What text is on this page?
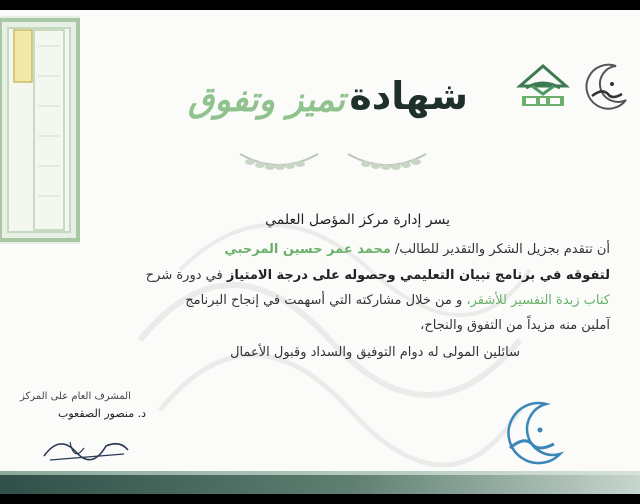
شهادة
تميز وتفوق
يسر إدارة مركز المؤصل العلمي
أن تتقدم بجزيل الشكر والتقدير للطالب/ محمد عمر حسين المرحبي
لتفوقه في برنامج تبيان التعليمي وحصوله على درجة الامتياز في دورة شرح
كتاب زبدة التفسير للأشقر، و من خلال مشاركته التي أسهمت في إنجاح البرنامج
آملين منه مزيداً من التفوق والنجاح،
سائلين المولى له دوام التوفيق والسداد وقبول الأعمال
المشرف العام على المركز
د. منصور الصقعوب
